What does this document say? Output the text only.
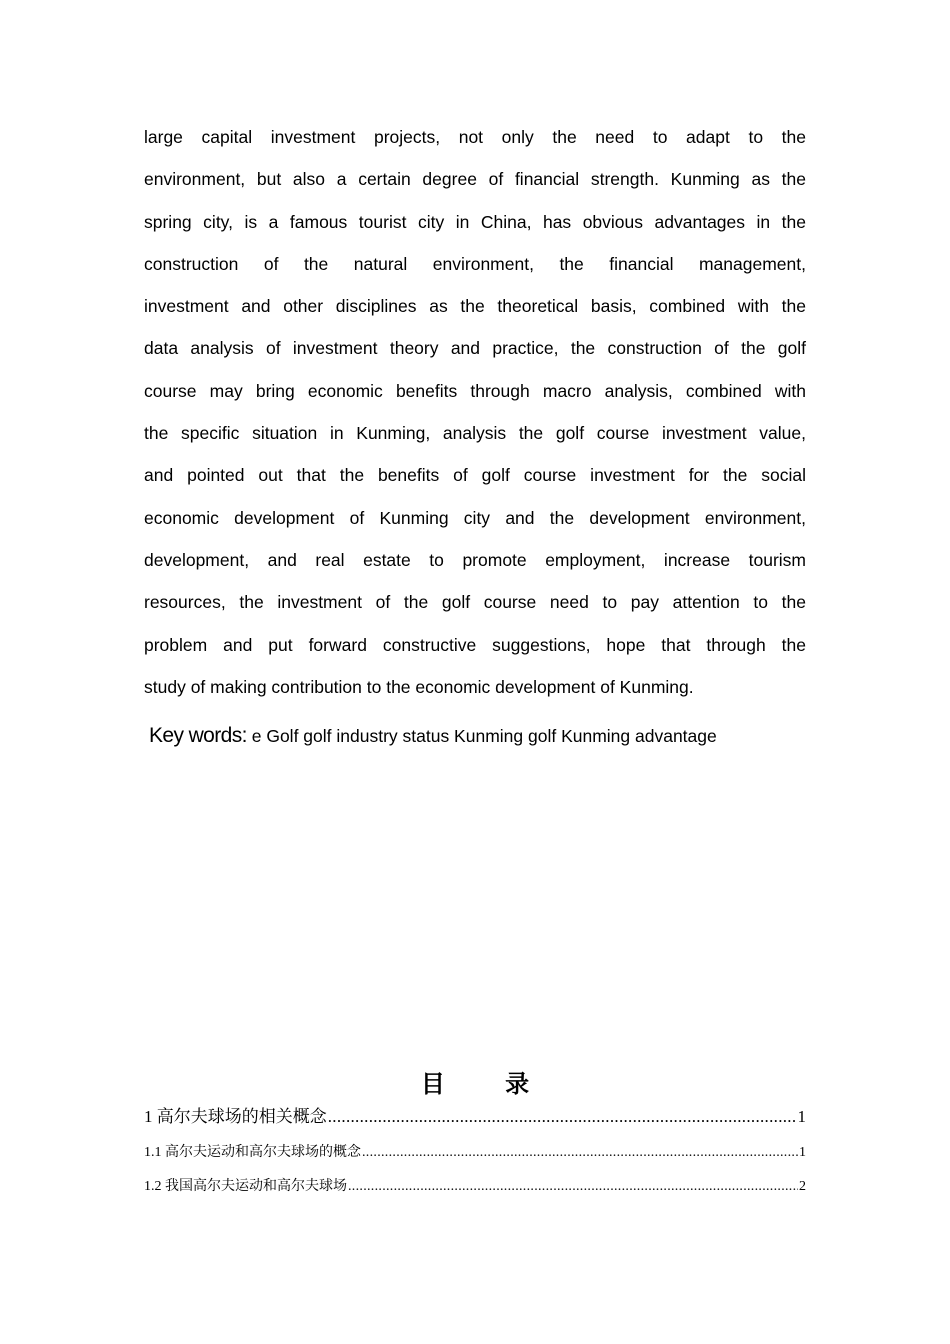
large capital investment projects, not only the need to adapt to the
environment, but also a certain degree of financial strength. Kunming as the
spring city, is a famous tourist city in China, has obvious advantages in the
construction of the natural environment, the financial management,
investment and other disciplines as the theoretical basis, combined with the
data analysis of investment theory and practice, the construction of the golf
course may bring economic benefits through macro analysis, combined with
the specific situation in Kunming, analysis the golf course investment value,
and pointed out that the benefits of golf course investment for the social
economic development of Kunming city and the development environment,
development, and real estate to promote employment, increase tourism
resources, the investment of the golf course need to pay attention to the
problem and put forward constructive suggestions, hope that through the
study of making contribution to the economic development of Kunming.
Key words: e Golf golf industry status Kunming golf Kunming advantage
目 录
1 高尔夫球场的相关概念 .....	1
1.1 高尔夫运动和高尔夫球场的概念 .....	1
1.2 我国高尔夫运动和高尔夫球场 .....	2
